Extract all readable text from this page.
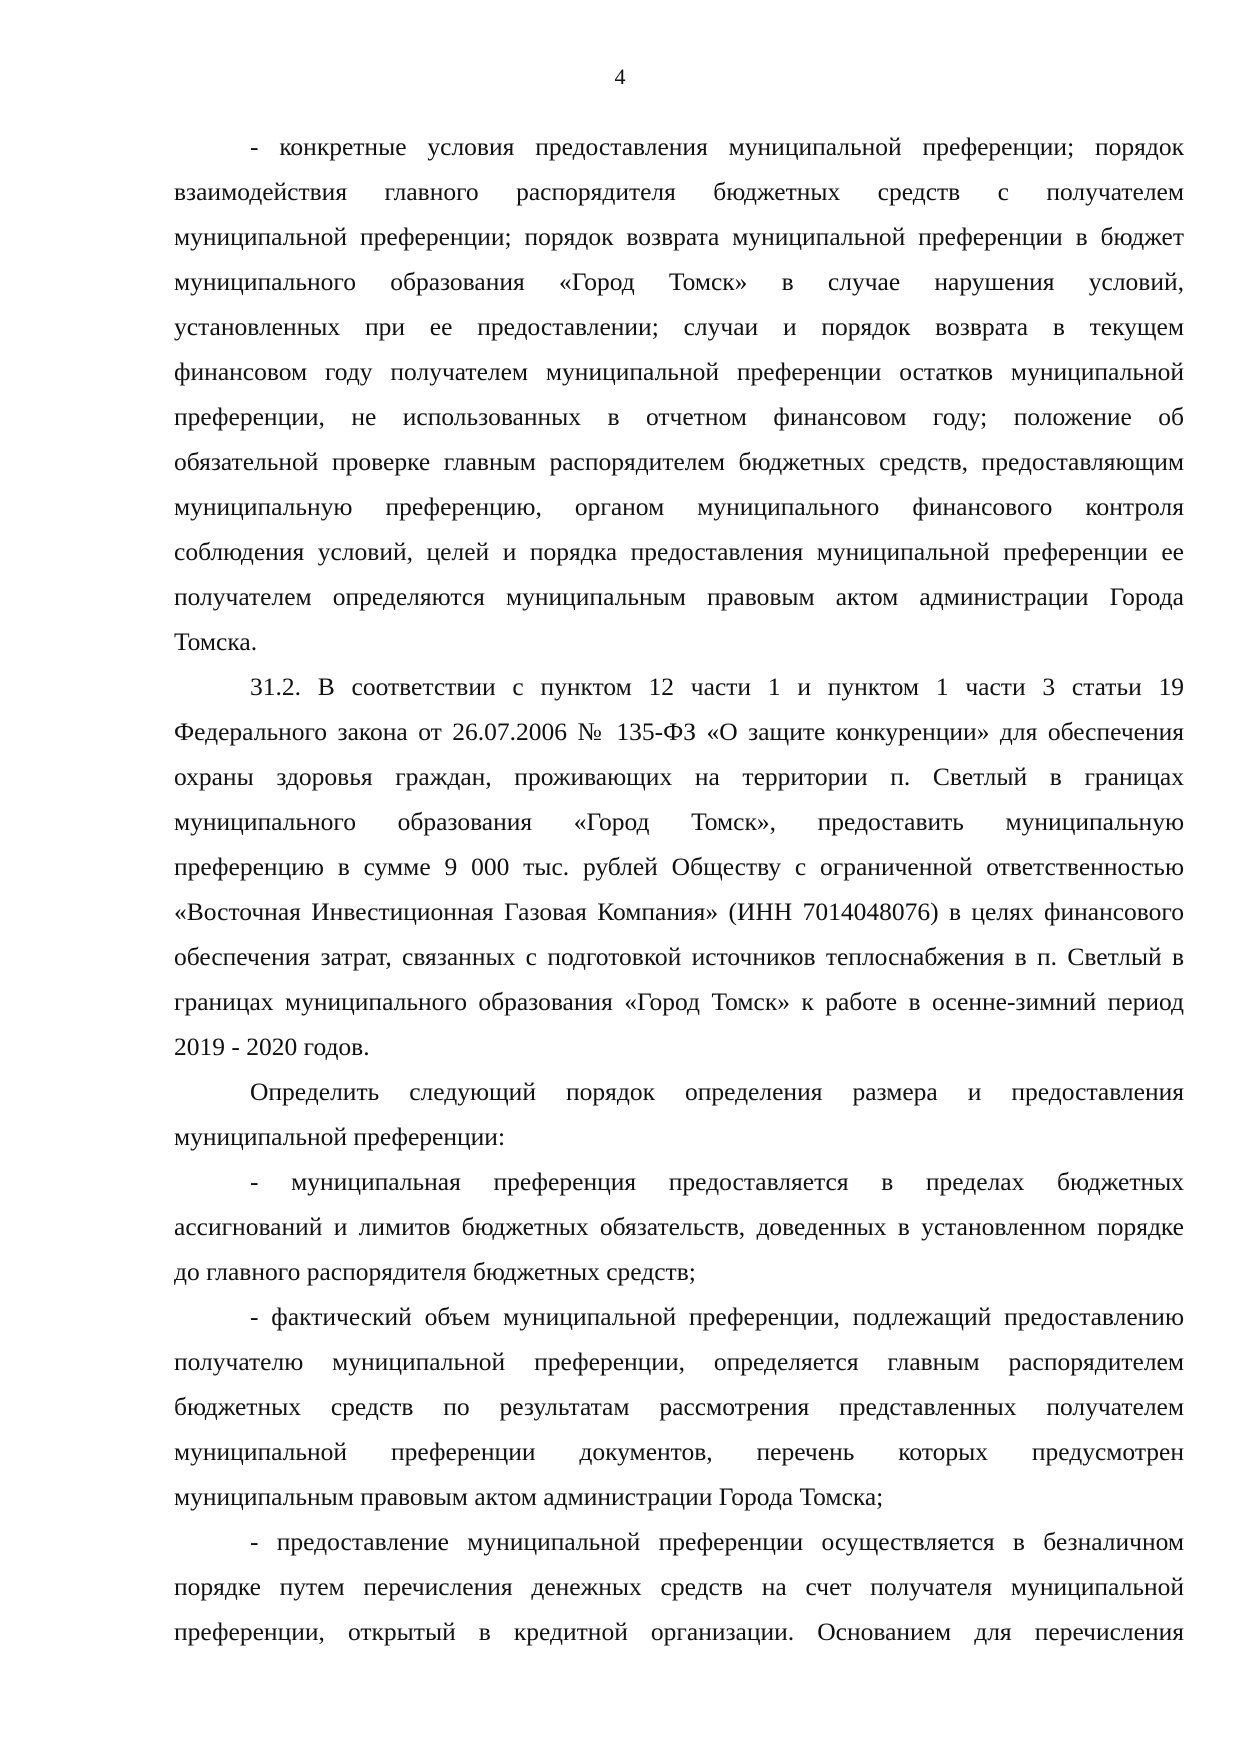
4
- конкретные условия предоставления муниципальной преференции; порядок
взаимодействия главного распорядителя бюджетных средств с получателем
муниципальной преференции; порядок возврата муниципальной преференции в бюджет
муниципального образования «Город Томск» в случае нарушения условий,
установленных при ее предоставлении; случаи и порядок возврата в текущем
финансовом году получателем муниципальной преференции остатков муниципальной
преференции, не использованных в отчетном финансовом году; положение об
обязательной проверке главным распорядителем бюджетных средств, предоставляющим
муниципальную преференцию, органом муниципального финансового контроля
соблюдения условий, целей и порядка предоставления муниципальной преференции ее
получателем определяются муниципальным правовым актом администрации Города
Томска.
31.2. В соответствии с пунктом 12 части 1 и пунктом 1 части 3 статьи 19
Федерального закона от 26.07.2006 № 135-ФЗ «О защите конкуренции» для обеспечения
охраны здоровья граждан, проживающих на территории п. Светлый в границах
муниципального образования «Город Томск», предоставить муниципальную
преференцию в сумме 9 000 тыс. рублей Обществу с ограниченной ответственностью
«Восточная Инвестиционная Газовая Компания» (ИНН 7014048076) в целях финансового
обеспечения затрат, связанных с подготовкой источников теплоснабжения в п. Светлый в
границах муниципального образования «Город Томск» к работе в осенне-зимний период
2019 - 2020 годов.
Определить следующий порядок определения размера и предоставления
муниципальной преференции:
- муниципальная преференция предоставляется в пределах бюджетных
ассигнований и лимитов бюджетных обязательств, доведенных в установленном порядке
до главного распорядителя бюджетных средств;
- фактический объем муниципальной преференции, подлежащий предоставлению
получателю муниципальной преференции, определяется главным распорядителем
бюджетных средств по результатам рассмотрения представленных получателем
муниципальной преференции документов, перечень которых предусмотрен
муниципальным правовым актом администрации Города Томска;
- предоставление муниципальной преференции осуществляется в безналичном
порядке путем перечисления денежных средств на счет получателя муниципальной
преференции, открытый в кредитной организации. Основанием для перечисления
